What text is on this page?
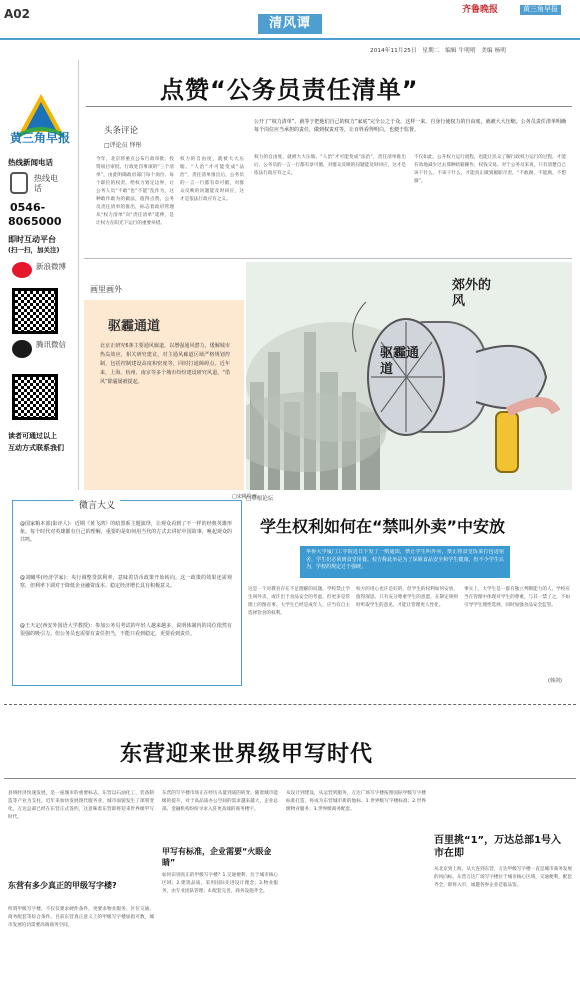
A02
清风谭
齐鲁晚报	黄三角早报
2014年11月25日　星期二　编辑 牛明明　美编 杨明
黄三角早报
热线新闻电话
热线电话
0546-
8065000
即时互动平台
(扫一扫，加关注)
新浪微博
腾讯微信
读者可通过以上
互动方式联系我们
点赞“公务员责任清单”
头条评论
□评论员 怿彤
今年，北京将重点公布行政审批、投资项目审批、行政处罚事项的“三个清单”，由此明确政府部门每个岗位、每个职位的权责。给权力划定边界，让公务人员“不敢”也“不能”乱作为，这种敢作敢为的做法，值得点赞。公务员责任清单的推出，标志着政府管理从“权力清单”向“责任清单”延伸，是让权力在阳光下运行的重要举措。
权力的自由度，就被大大压缩。“人治”才可能变成“法治”，责任清单推出后，公务员的一言一行都有章可循，对群众反映的问题能及时回应，这才是依法行政应有之义。
公开了“权力清单”，就等于把他们自己的权力“家底”完全公之于众，这样一来，自身行使权力的自由度，就被大大压缩。公务员责任清单明确每个岗位应当承担的责任，做到权责对等，让百姓看得明白，也便于监督。
权力的自由度，就被大大压缩。“人治”才可能变成“法治”，责任清单推出后，公务员的一言一行都有章可循，对群众反映的问题能及时回应，这才是依法行政应有之义。
不仅如此，公开权力运行流程，也能让民众了解行政权力运行的过程，才能有效地减少过去那种暗箱操作、权钱交易。对于公务员来说，只有清楚自己该干什么、不该干什么，才能真正做到履职尽责，“不敢腐、不能腐、不想腐”。
画里画外
驱霾通道
北京正研究6条主要通风廊道，以增强通风潜力，缓解城市热岛效应，相关研究建议，对主通风廊道区域严格规划控制，包括控制建设高度和密度等，同时打通障碍点。近年来，上海、杭州、南京等多个城市纷纷建设研究风道，“借风”除霾屡被提起。
郊外的风
驱霾通道
□宋桃绘画
微言大义
@国家粮本部(影评人)：近期《黄飞鸿》的暗黑系主题演绎，让观众看到了不一样的经典英雄形象。每个时代对英雄都有自己的理解，重要的是如何用当代的方式去讲好中国故事，唤起观众的共鸣。
@刘曦华(经济学家)：央行调整贷款利率，意味着货币政策开始转向。这一政策的效果还需观察，但利率下调对于降低企业融资成本、稳定经济增长具有积极意义。
@王天定(西安外国语大学教授)：参加公务员考试的年轻人越来越多，说明体制内的岗位依然有很强的吸引力。但公务员也需要有责任担当，不能只看到稳定，更要看到责任。
□草根论坛
学生权利如何在“禁叫外卖”中安放
华侨大学厦门工学院近日下发了一则通知，禁止学生叫外卖，禁止将食堂饭菜打包进宿舍，学生们必须到食堂用餐。校方称此举是为了保障食品安全和学生健康，但不少学生认为，学校的规定过于强硬。
这是一个对教育存在不足理解的问题。学校禁止学生叫外卖，或许出于食品安全的考虑，但更多是管理上的图省事。大学生已经是成年人，应当有自主选择饮食的权利。
校方的用心也许是好的，但学生的权利如何安放，值得深思。只有充分尊重学生的意愿，在制定规则时听取学生的意见，才能让管理更人性化。
事实上，大学生是一群有独立判断能力的人，学校应当在管理中体现对学生的尊重，与其一禁了之，不如引导学生理性选择，同时加强食品安全监管。
(韩剑)
东营迎来世界级甲写时代
县域经济快速发展，是一座城市的重要标志。东营以石油化工、装备制造等产业为支柱，近年来加快发展现代服务业，城市面貌发生了深刻变化。万达总部已经在东营正式签约，这意味着东营即将迎来世界级甲写时代。
东营有多少真正的甲级写字楼?
所谓甲级写字楼，不仅仅要求硬件条件，更要求物业服务、区位交通、商务配套等综合条件。目前东营真正意义上的甲级写字楼屈指可数，城市发展迫切需要高端商务空间。
东营的写字楼市场正在经历从量到质的转变。随着城市能级的提升，对于高品质办公空间的需求越来越大，企业总部、金融机构纷纷寻求入驻更高端的商务楼宇。
甲写有标准，企业需要“火眼金睛”
如何识别真正的甲级写字楼？1.交通便利，位于城市核心区域；2.建筑品质，采用国际先进设计理念；3.物业服务，由专业团队管理；4.配套完善，商务设施齐全。
从设计到建设，从运营到服务，万达广场写字楼按照国际甲级写字楼标准打造，将成为东营城市新的地标。1.世界级写字楼标准；2.世界级物业服务；3.世界级商务配套。
百里挑“1”，万达总部1号入市在即
从北京到上海，从大连到东营，万达甲级写字楼一直是城市商务发展的风向标。东营万达广场写字楼位于城市核心区域，交通便利，配套齐全，即将入市，诚邀各界企业莅临品鉴。
